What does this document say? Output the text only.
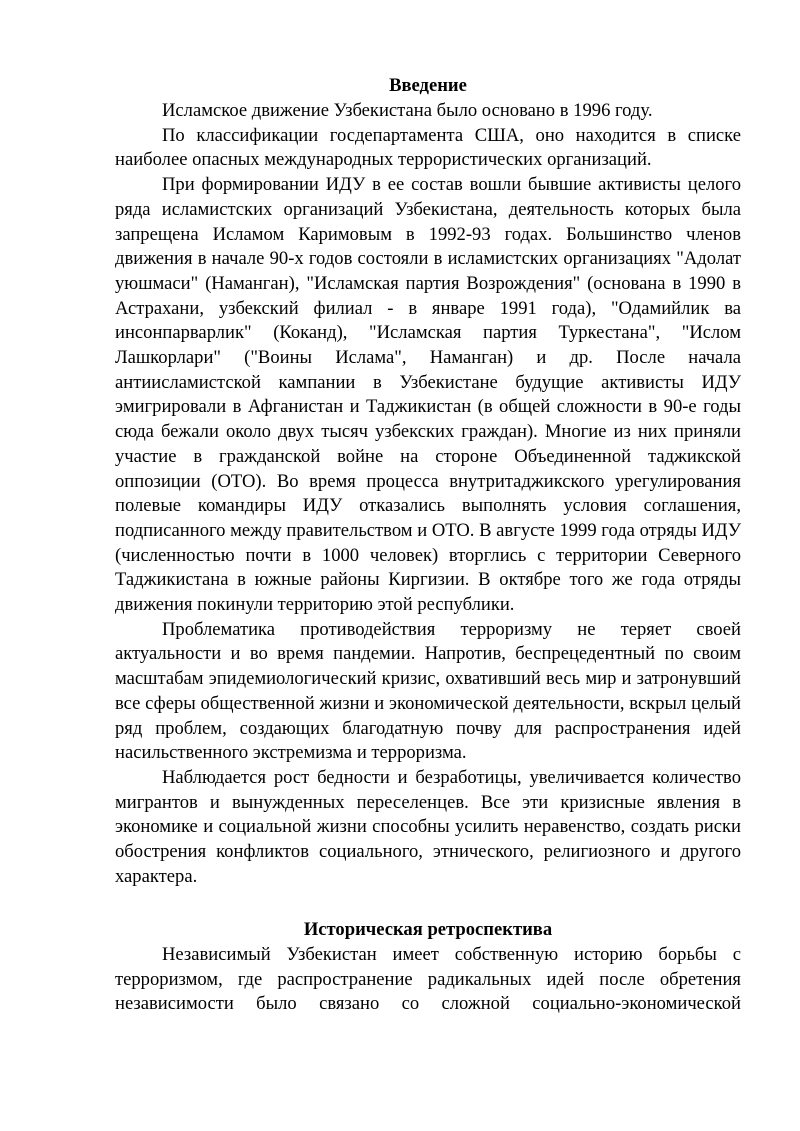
Введение

Исламское движение Узбекистана было основано в 1996 году.

По классификации госдепартамента США, оно находится в списке наиболее опасных международных террористических организаций.

При формировании ИДУ в ее состав вошли бывшие активисты целого ряда исламистских организаций Узбекистана, деятельность которых была запрещена Исламом Каримовым в 1992-93 годах. Большинство членов движения в начале 90-х годов состояли в исламистских организациях "Адолат уюшмаси" (Наманган), "Исламская партия Возрождения" (основана в 1990 в Астрахани, узбекский филиал - в январе 1991 года), "Одамийлик ва инсонпарварлик" (Коканд), "Исламская партия Туркестана", "Ислом Лашкорлари" ("Воины Ислама", Наманган) и др. После начала антиисламистской кампании в Узбекистане будущие активисты ИДУ эмигрировали в Афганистан и Таджикистан (в общей сложности в 90-е годы сюда бежали около двух тысяч узбекских граждан). Многие из них приняли участие в гражданской войне на стороне Объединенной таджикской оппозиции (ОТО). Во время процесса внутритаджикского урегулирования полевые командиры ИДУ отказались выполнять условия соглашения, подписанного между правительством и ОТО. В августе 1999 года отряды ИДУ (численностью почти в 1000 человек) вторглись с территории Северного Таджикистана в южные районы Киргизии. В октябре того же года отряды движения покинули территорию этой республики.

Проблематика противодействия терроризму не теряет своей актуальности и во время пандемии. Напротив, беспрецедентный по своим масштабам эпидемиологический кризис, охвативший весь мир и затронувший все сферы общественной жизни и экономической деятельности, вскрыл целый ряд проблем, создающих благодатную почву для распространения идей насильственного экстремизма и терроризма.

Наблюдается рост бедности и безработицы, увеличивается количество мигрантов и вынужденных переселенцев. Все эти кризисные явления в экономике и социальной жизни способны усилить неравенство, создать риски обострения конфликтов социального, этнического, религиозного и другого характера.

Историческая ретроспектива

Независимый Узбекистан имеет собственную историю борьбы с терроризмом, где распространение радикальных идей после обретения независимости было связано со сложной социально-экономической
